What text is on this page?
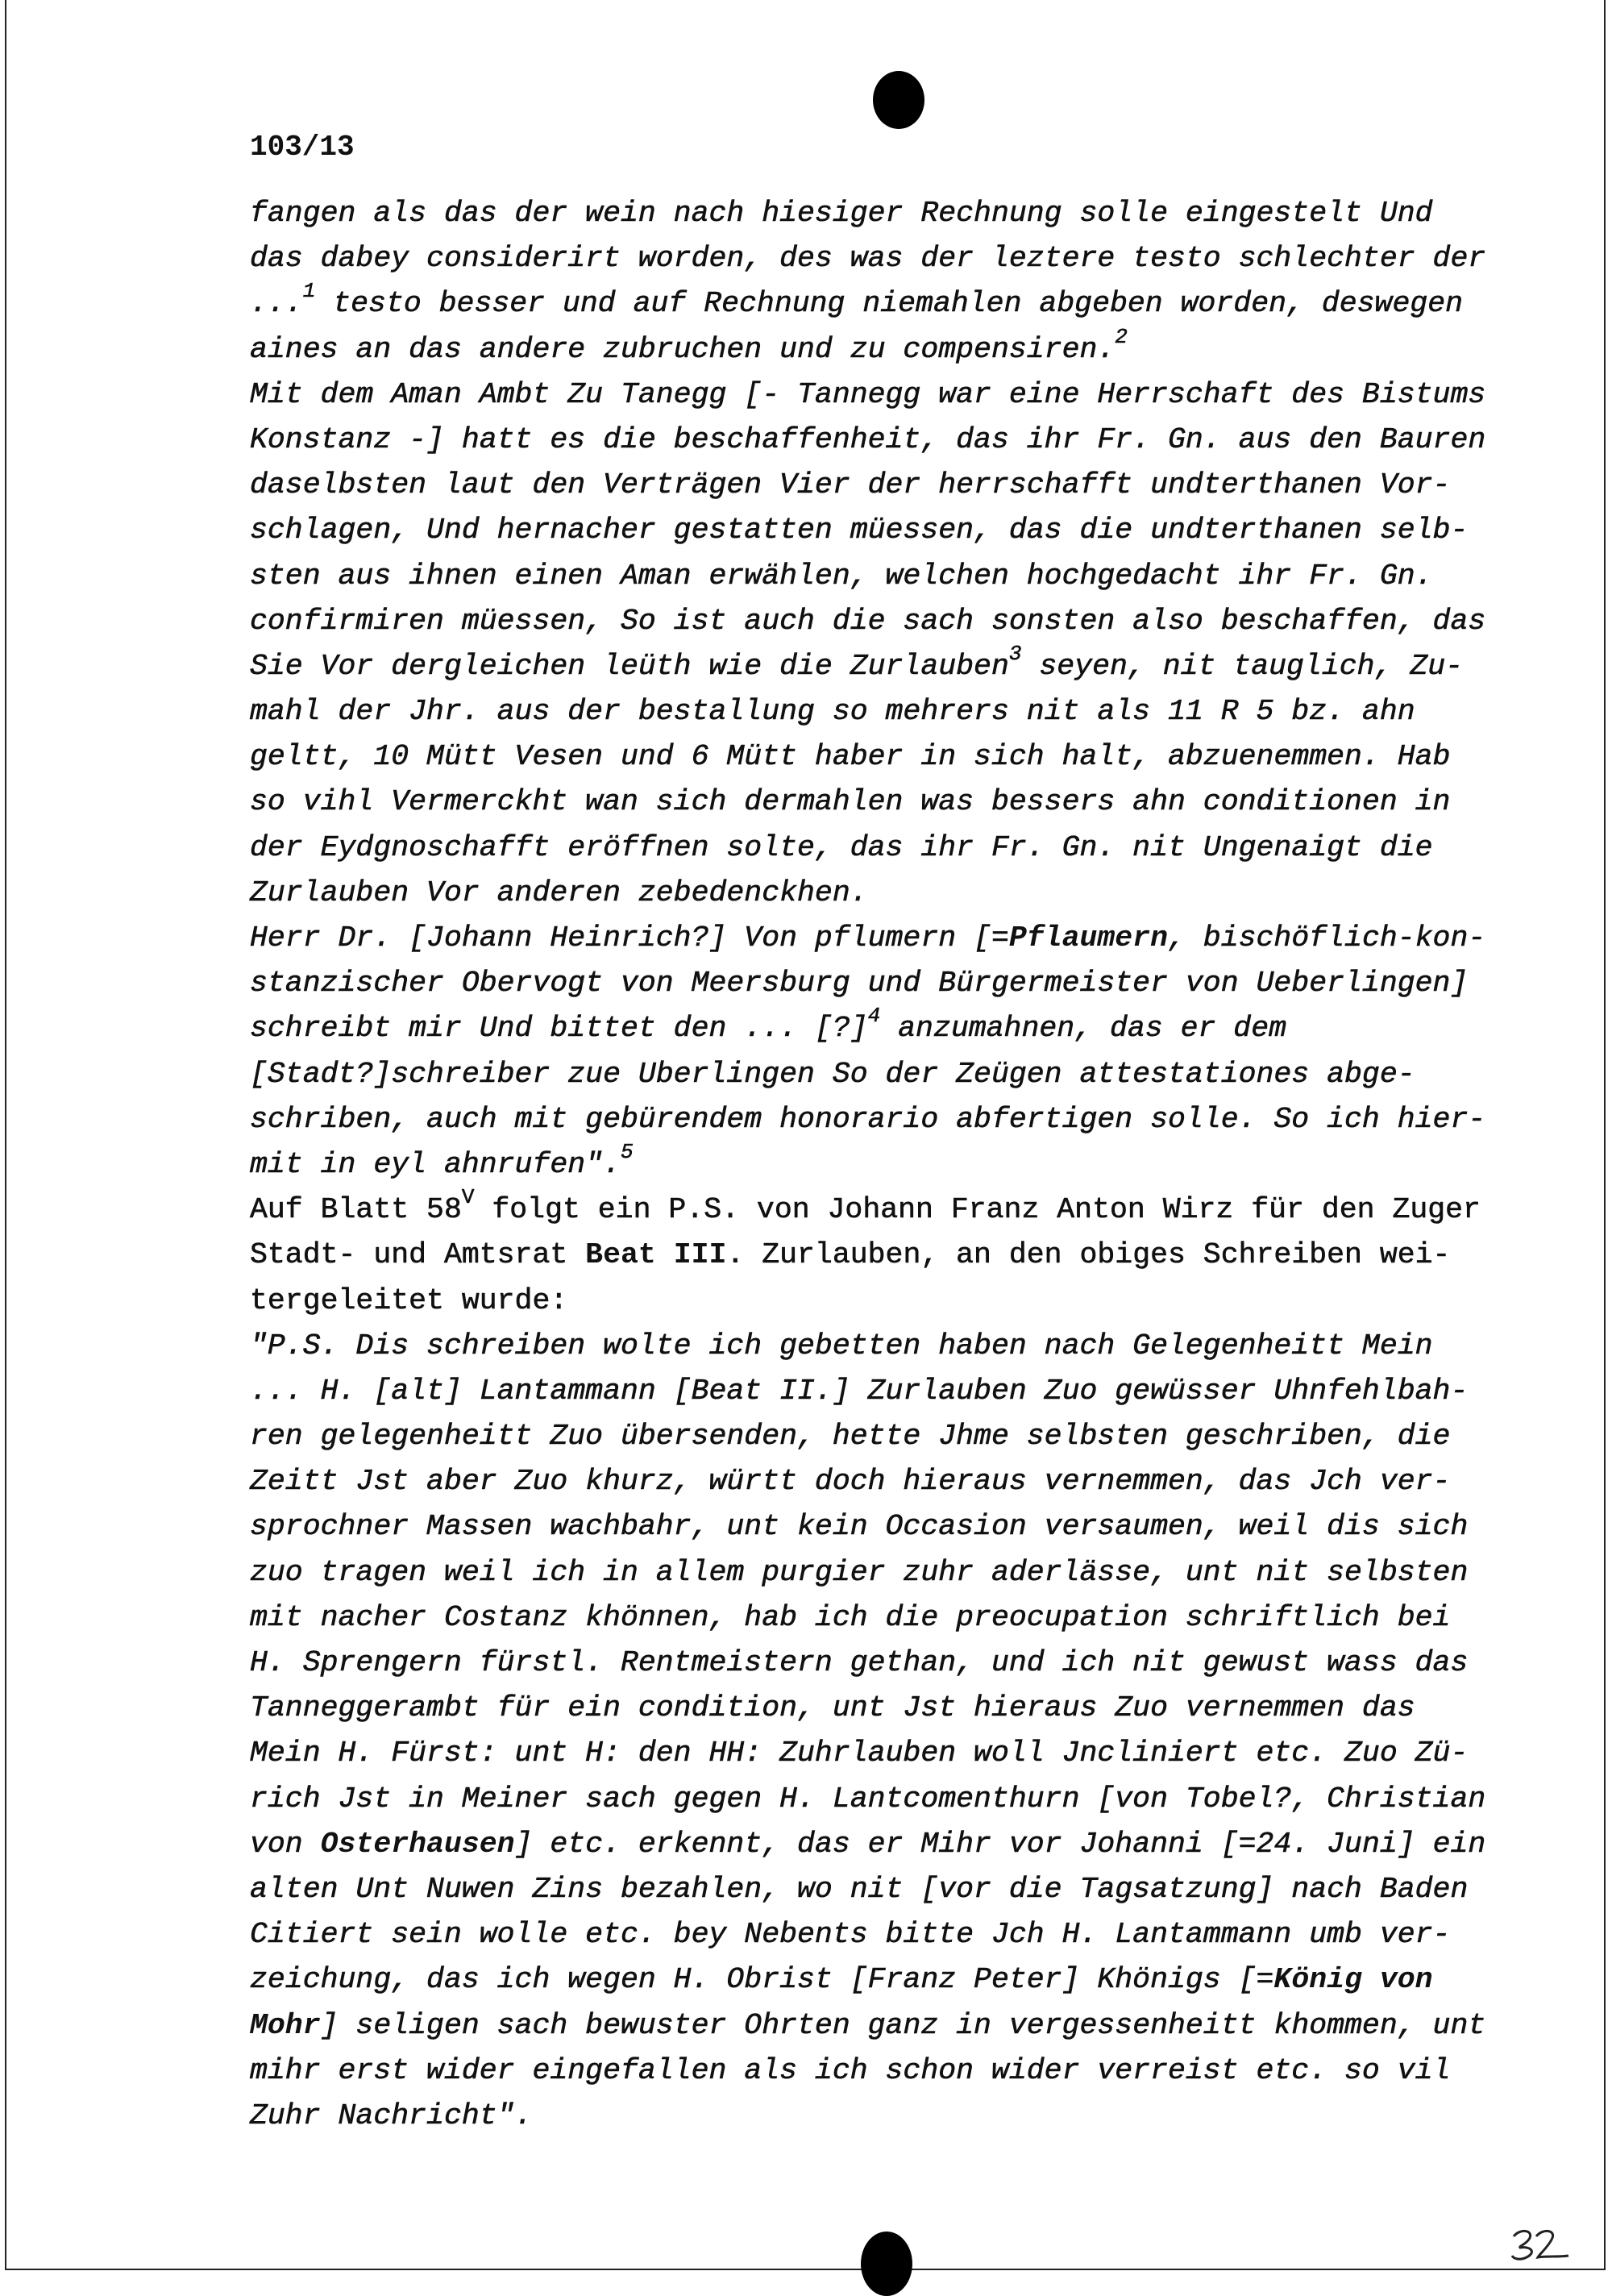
103/13
fangen als das der wein nach hiesiger Rechnung solle eingestelt Und
das dabey considerirt worden, des was der leztere testo schlechter der
...$^1$ testo besser und auf Rechnung niemahlen abgeben worden, deswegen
aines an das andere zubruchen und zu compensiren.$^2$
Mit dem Aman Ambt Zu Tanegg [- Tannegg war eine Herrschaft des Bistums
Konstanz -] hatt es die beschaffenheit, das ihr Fr. Gn. aus den Bauren
daselbsten laut den Verträgen Vier der herrschafft undterthanen Vor-
schlagen, Und hernacher gestatten müessen, das die undterthanen selb-
sten aus ihnen einen Aman erwählen, welchen hochgedacht ihr Fr. Gn.
confirmiren müessen, So ist auch die sach sonsten also beschaffen, das
Sie Vor dergleichen leüth wie die Zurlauben$^3$ seyen, nit tauglich, Zu-
mahl der Jhr. aus der bestallung so mehrers nit als 11 R 5 bz. ahn
geltt, 10 Mütt Vesen und 6 Mütt haber in sich halt, abzuenemmen. Hab
so vihl Vermerckht wan sich dermahlen was bessers ahn conditionen in
der Eydgnoschafft eröffnen solte, das ihr Fr. Gn. nit Ungenaigt die
Zurlauben Vor anderen zebedenckhen.
Herr Dr. [Johann Heinrich?] Von pflumern [=Pflaumern, bischöflich-kon-
stanzischer Obervogt von Meersburg und Bürgermeister von Ueberlingen]
schreibt mir Und bittet den ... [?]$^4$ anzumahnen, das er dem
[Stadt?]schreiber zue Uberlingen So der Zeügen attestationes abge-
schriben, auch mit gebürendem honorario abfertigen solle. So ich hier-
mit in eyl ahnrufen".$^5$
Auf Blatt $58^V$ folgt ein P.S. von Johann Franz Anton Wirz für den Zuger
Stadt- und Amtsrat Beat III. Zurlauben, an den obiges Schreiben wei-
tergeleitet wurde:
"P.S. Dis schreiben wolte ich gebetten haben nach Gelegenheitt Mein
... H. [alt] Lantammann [Beat II.] Zurlauben Zuo gewüsser Uhnfehlbah-
ren gelegenheitt Zuo übersenden, hette Jhme selbsten geschriben, die
Zeitt Jst aber Zuo khurz, württ doch hieraus vernemmen, das Jch ver-
sprochner Massen wachbahr, unt kein Occasion versaumen, weil dis sich
zuo tragen weil ich in allem purgier zuhr aderlässe, unt nit selbsten
mit nacher Costanz khönnen, hab ich die preocupation schriftlich bei
H. Sprengern fürstl. Rentmeistern gethan, und ich nit gewust wass das
Tanneggerambt für ein condition, unt Jst hieraus Zuo vernemmen das
Mein H. Fürst: unt H: den HH: Zuhrlauben woll Jncliniert etc. Zuo Zü-
rich Jst in Meiner sach gegen H. Lantcomenthurn [von Tobel?, Christian
von Osterhausen] etc. erkennt, das er Mihr vor Johanni [=24. Juni] ein
alten Unt Nuwen Zins bezahlen, wo nit [vor die Tagsatzung] nach Baden
Citiert sein wolle etc. bey Nebents bitte Jch H. Lantammann umb ver-
zeichung, das ich wegen H. Obrist [Franz Peter] Khönigs [=König von
Mohr] seligen sach bewuster Ohrten ganz in vergessenheitt khommen, unt
mihr erst wider eingefallen als ich schon wider verreist etc. so vil
Zuhr Nachricht".
